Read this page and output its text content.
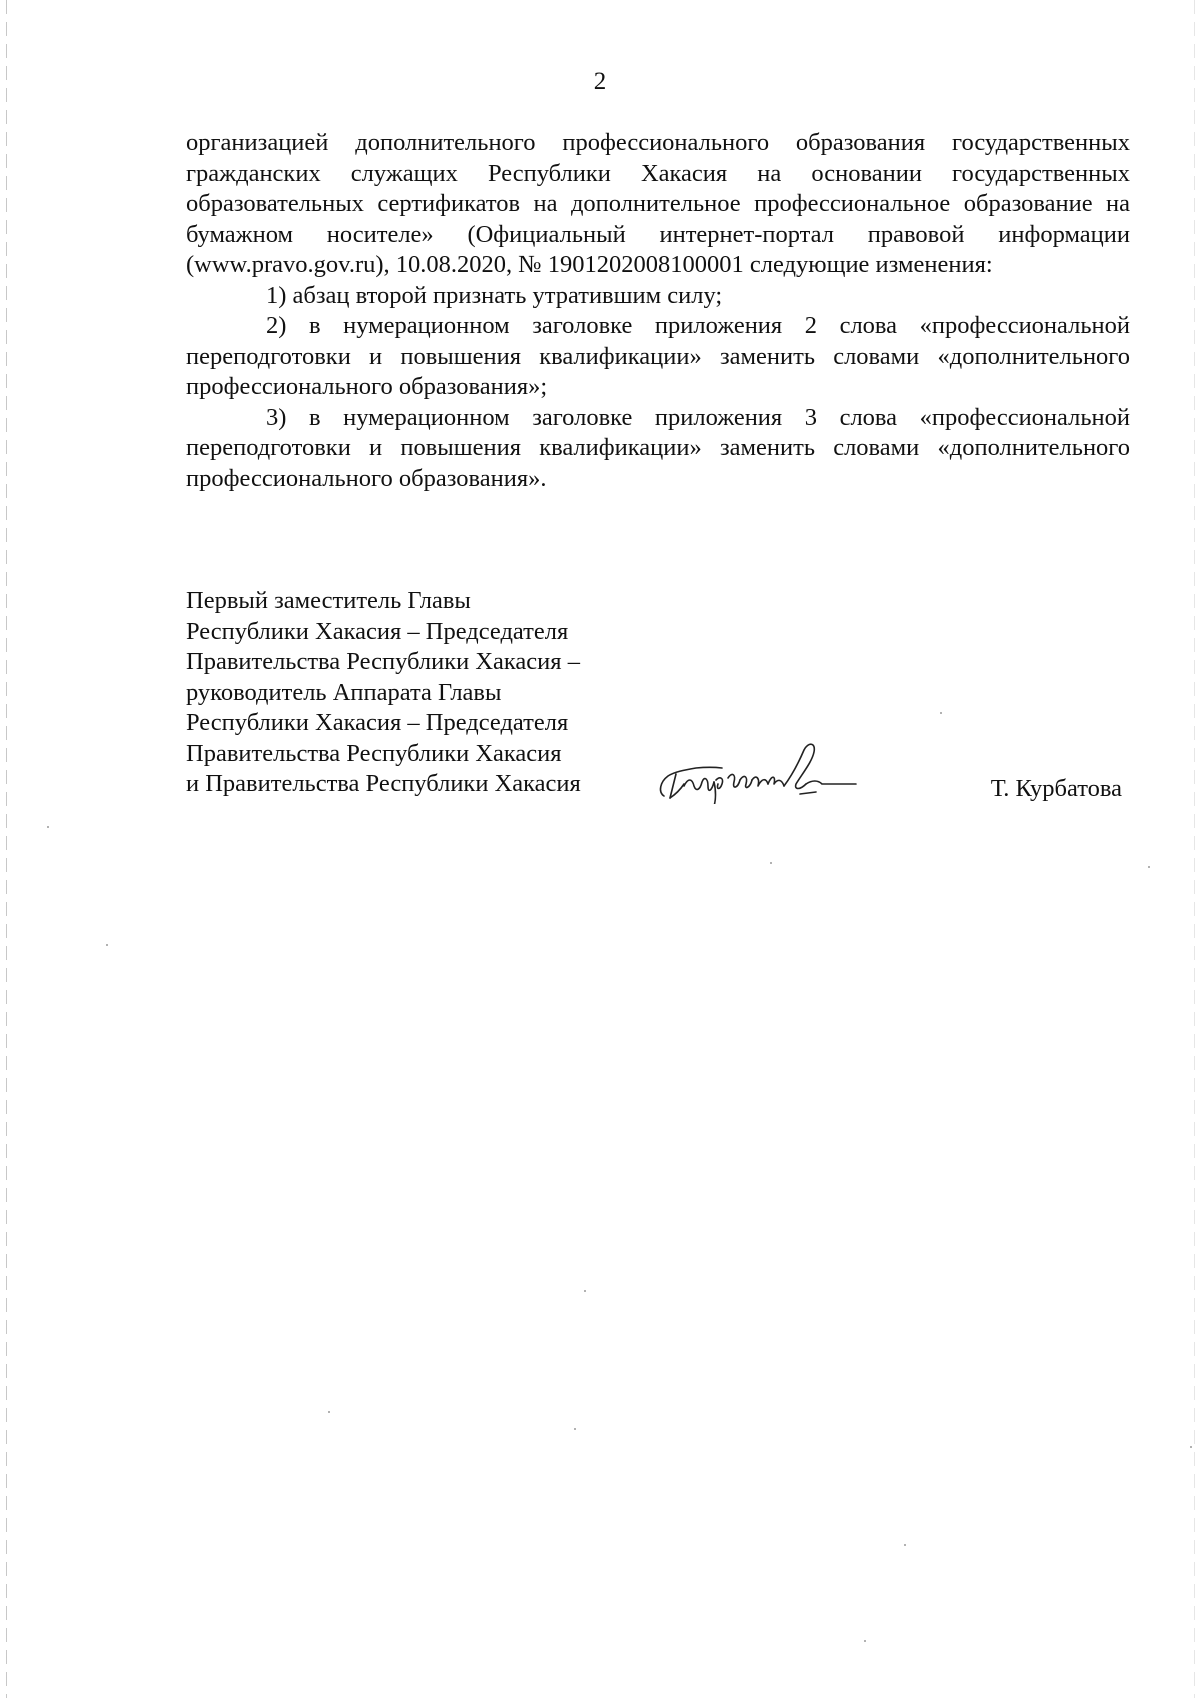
2

организацией дополнительного профессионального образования государственных гражданских служащих Республики Хакасия на основании государственных образовательных сертификатов на дополнительное профессиональное образование на бумажном носителе» (Официальный интернет-портал правовой информации (www.pravo.gov.ru), 10.08.2020, № 1901202008100001 следующие изменения:

1) абзац второй признать утратившим силу;

2) в нумерационном заголовке приложения 2 слова «профессиональной переподготовки и повышения квалификации» заменить словами «дополнительного профессионального образования»;

3) в нумерационном заголовке приложения 3 слова «профессиональной переподготовки и повышения квалификации» заменить словами «дополнительного профессионального образования».

Первый заместитель Главы
Республики Хакасия – Председателя
Правительства Республики Хакасия –
руководитель Аппарата Главы
Республики Хакасия – Председателя
Правительства Республики Хакасия
и Правительства Республики Хакасия	Т. Курбатова
